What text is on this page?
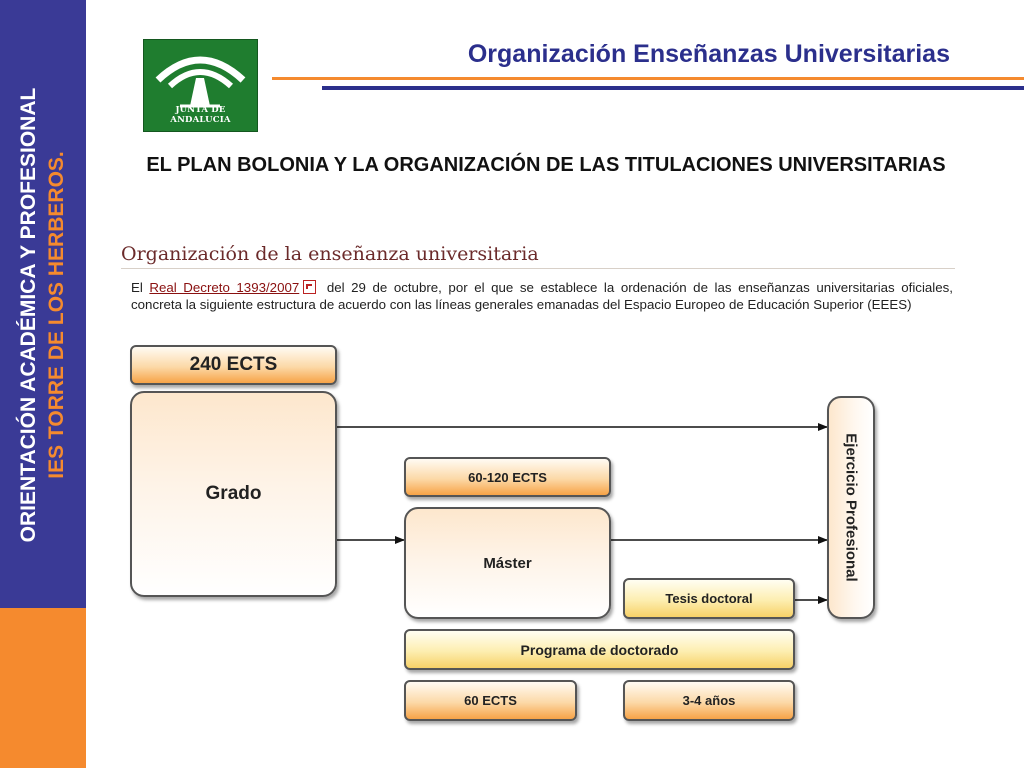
ORIENTACIÓN ACADÉMICA Y PROFESIONAL IES TORRE DE LOS HERBEROS.
JUNTA DE ANDALUCIA
Organización Enseñanzas Universitarias
EL PLAN BOLONIA Y LA ORGANIZACIÓN DE LAS TITULACIONES UNIVERSITARIAS
Organización de la enseñanza universitaria
El Real Decreto 1393/2007 del 29 de octubre, por el que se establece la ordenación de las enseñanzas universitarias oficiales, concreta la siguiente estructura de acuerdo con las líneas generales emanadas del Espacio Europeo de Educación Superior (EEES)
240 ECTS
Grado
60-120 ECTS
Máster
Tesis doctoral
Programa de doctorado
60 ECTS	3-4 años
Ejercicio Profesional
